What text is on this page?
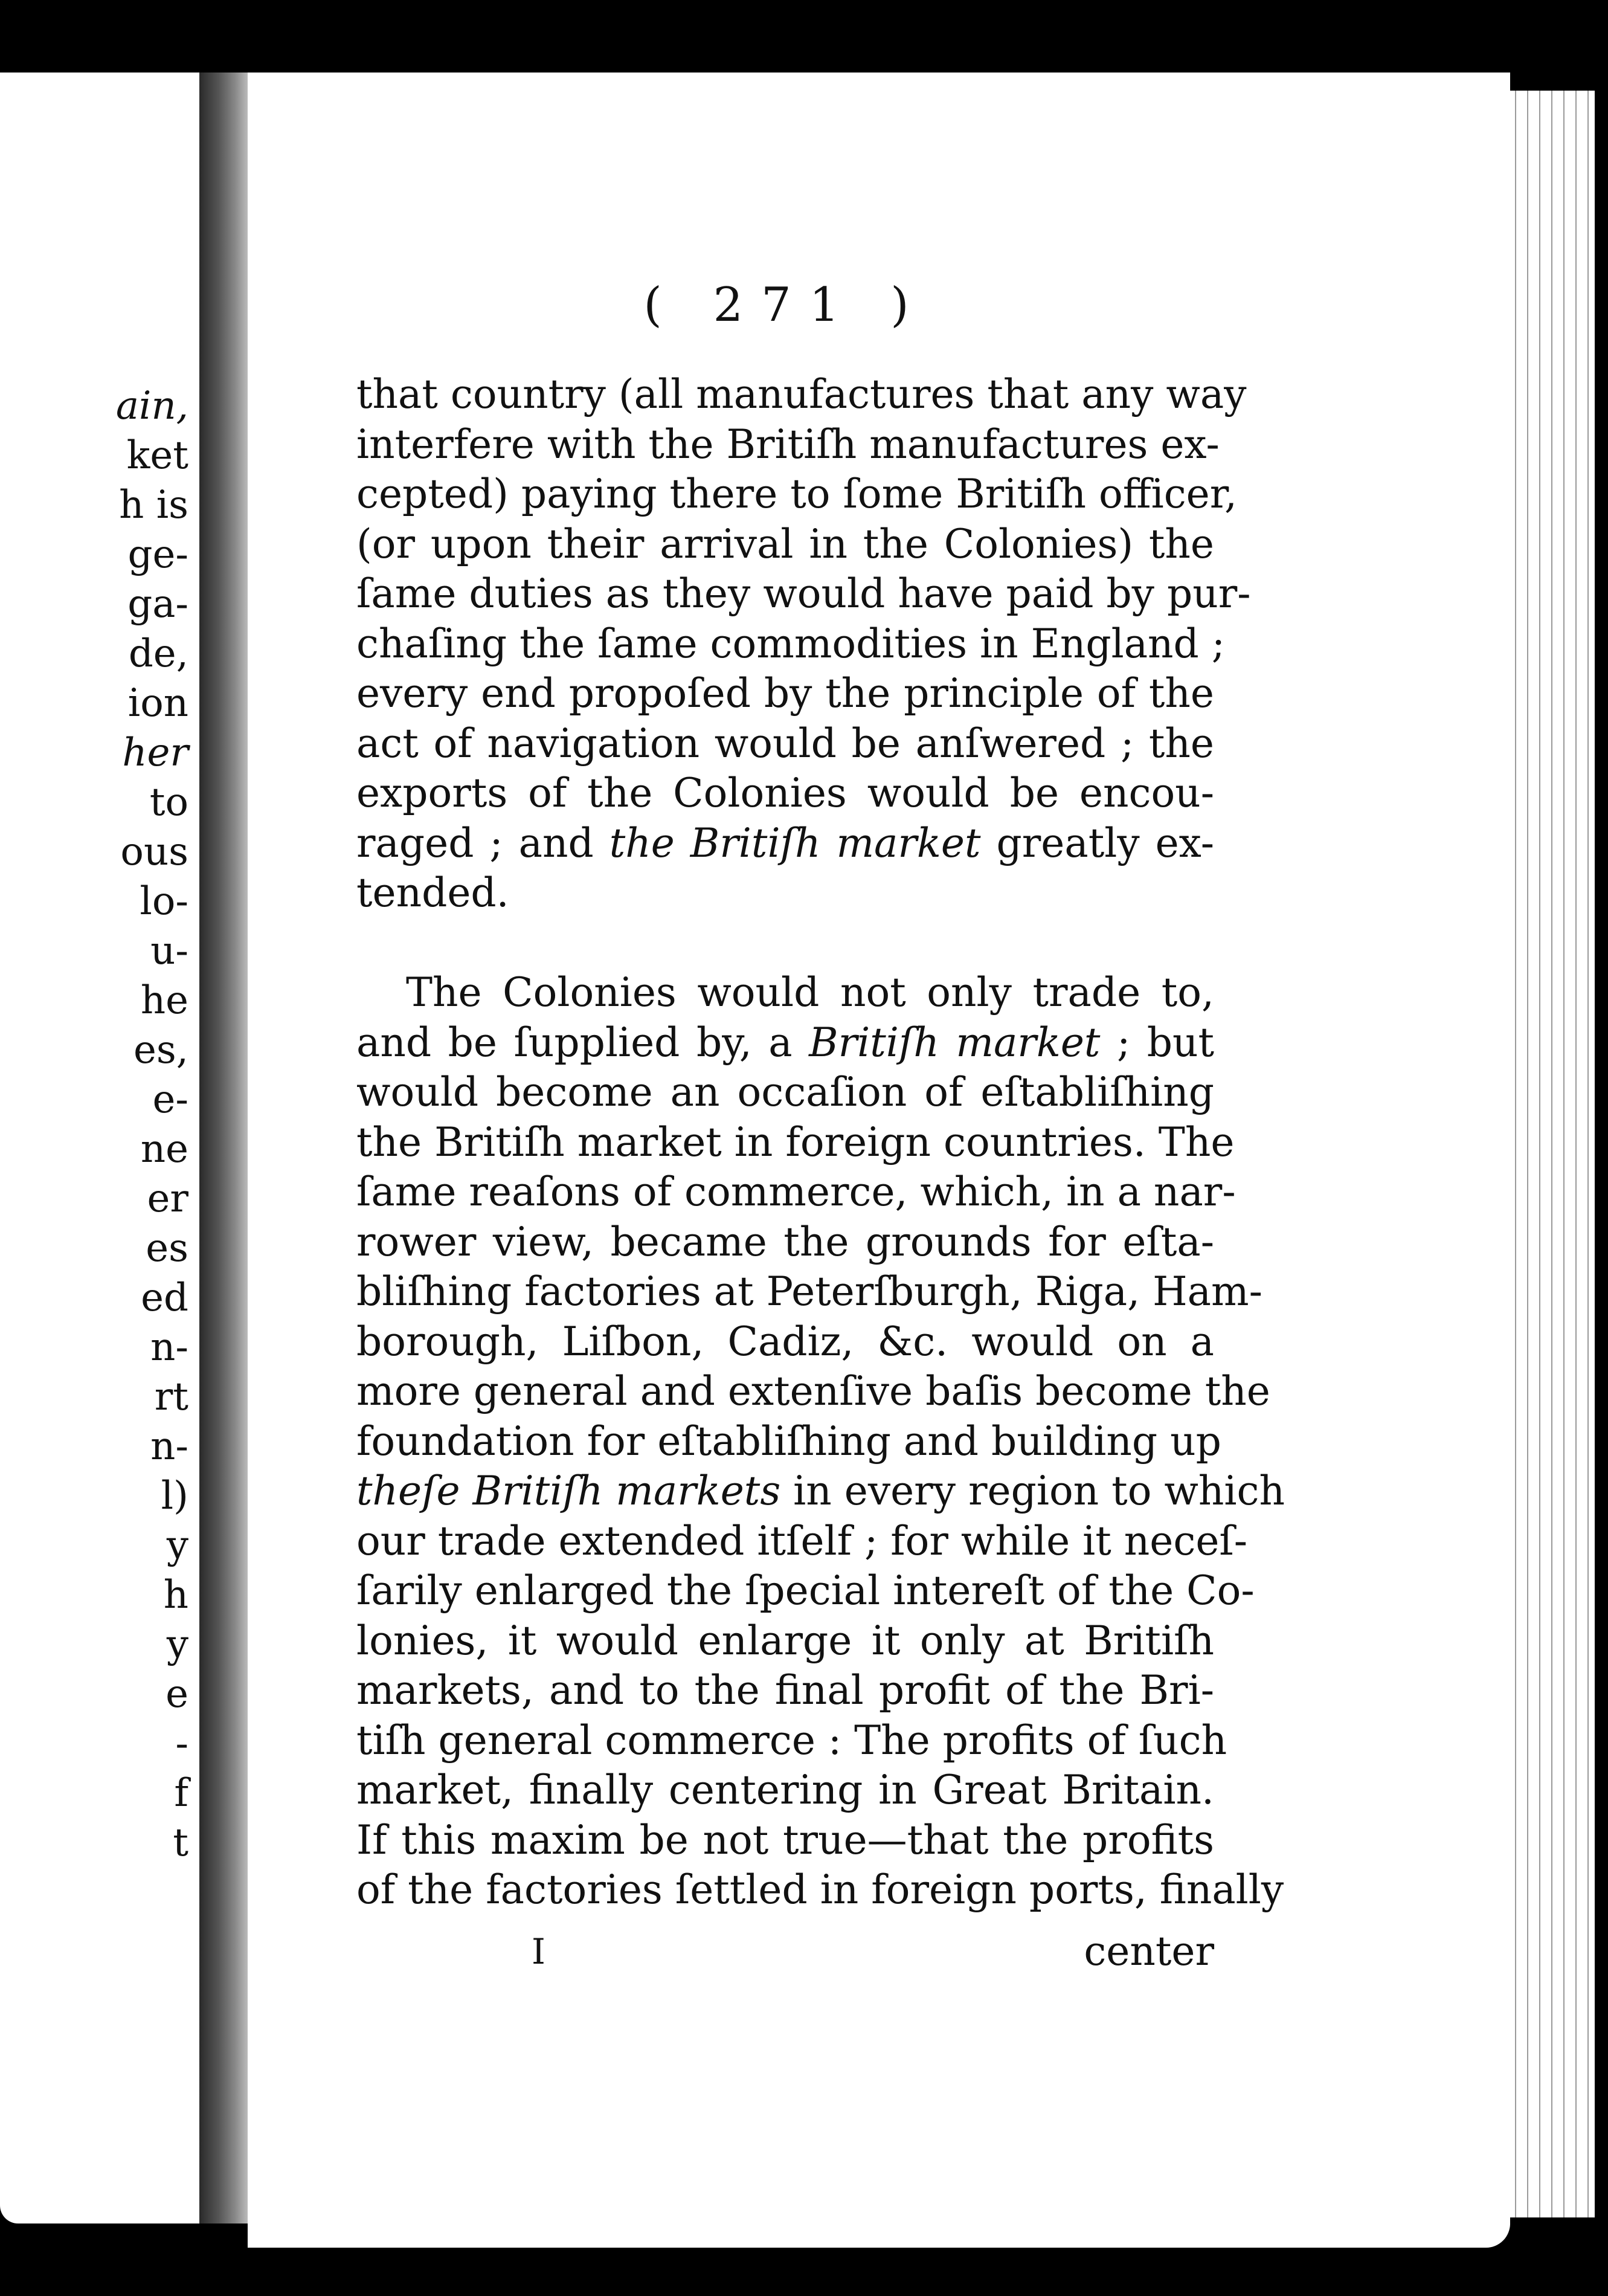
ain,
ket
h is
ge-
ga-
de,
ion
her
to
ous
lo-
u-
he
es,
e-
ne
er
es
ed
n-
rt
n-
l)
y
h
y
e
-
f
t
( 271 )
that country (all manufactures that any way
interfere with the Britiſh manufactures ex-
cepted) paying there to ſome Britiſh officer,
(or upon their arrival in the Colonies) the
ſame duties as they would have paid by pur-
chaſing the ſame commodities in England ;
every end propoſed by the principle of the
act of navigation would be anſwered ; the
exports of the Colonies would be encou-
raged ; and the Britiſh market greatly ex-
tended.
The Colonies would not only trade to,
and be ſupplied by, a Britiſh market ; but
would become an occaſion of eſtabliſhing
the Britiſh market in foreign countries. The
ſame reaſons of commerce, which, in a nar-
rower view, became the grounds for eſta-
bliſhing factories at Peterſburgh, Riga, Ham-
borough, Liſbon, Cadiz, &c. would on a
more general and extenſive baſis become the
foundation for eſtabliſhing and building up
theſe Britiſh markets in every region to which
our trade extended itſelf ; for while it neceſ-
ſarily enlarged the ſpecial intereſt of the Co-
lonies, it would enlarge it only at Britiſh
markets, and to the final profit of the Bri-
tiſh general commerce : The profits of ſuch
market, finally centering in Great Britain.
If this maxim be not true—that the profits
of the factories ſettled in foreign ports, finally
I	center
